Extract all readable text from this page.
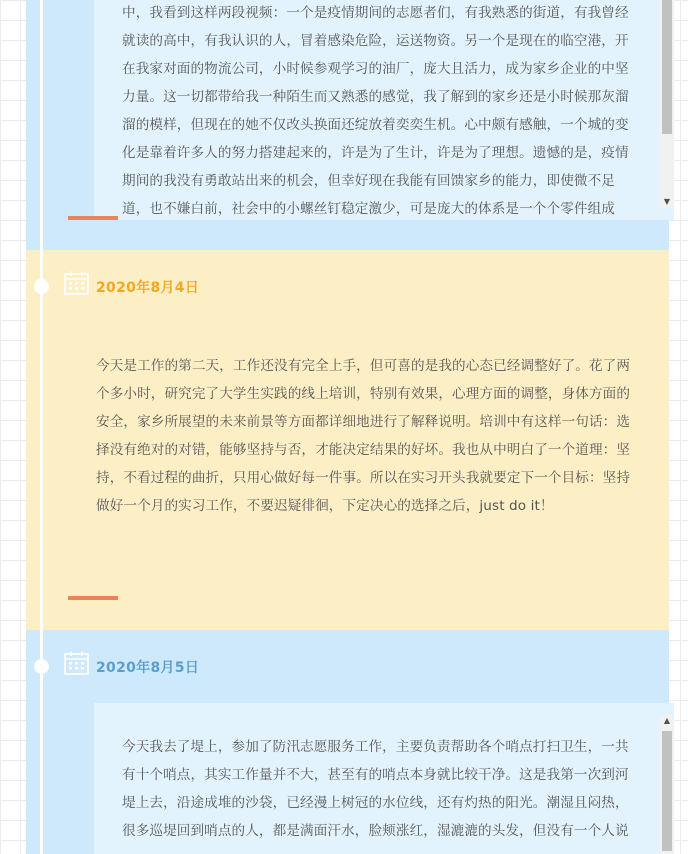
中，我看到这样两段视频：一个是疫情期间的志愿者们，有我熟悉的街道，有我曾经就读的高中，有我认识的人，冒着感染危险，运送物资。另一个是现在的临空港，开在我家对面的物流公司，小时候参观学习的油厂，庞大且活力，成为家乡企业的中坚力量。这一切都带给我一种陌生而又熟悉的感觉，我了解到的家乡还是小时候那灰溜溜的模样，但现在的她不仅改头换面还绽放着奕奕生机。心中颇有感触，一个城的变化是靠着许多人的努力搭建起来的，许是为了生计，许是为了理想。遗憾的是，疫情期间的我没有勇敢站出来的机会，但幸好现在我能有回馈家乡的能力，即使微不足道，也不嫌白前，社会中的小螺丝钉稳定激少，可是庞大的体系是一个个零件组成	▼

今天是工作的第二天，工作还没有完全上手，但可喜的是我的心态已经调整好了。花了两个多小时，研究完了大学生实践的线上培训，特别有效果，心理方面的调整，身体方面的安全，家乡所展望的未来前景等方面都详细地进行了解释说明。培训中有这样一句话：选择没有绝对的对错，能够坚持与否，才能决定结果的好坏。我也从中明白了一个道理：坚持，不看过程的曲折，只用心做好每一件事。所以在实习开头我就要定下一个目标：坚持做好一个月的实习工作，不要迟疑徘徊，下定决心的选择之后，just do it！

今天我去了堤上，参加了防汛志愿服务工作，主要负责帮助各个哨点打扫卫生，一共有十个哨点，其实工作量并不大，甚至有的哨点本身就比较干净。这是我第一次到河堤上去，沿途成堆的沙袋，已经漫上树冠的水位线，还有灼热的阳光。潮湿且闷热，很多巡堤回到哨点的人，都是满面汗水，脸颊涨红，湿漉漉的头发，但没有一个人说

▲
2020年8月4日
2020年8月5日
